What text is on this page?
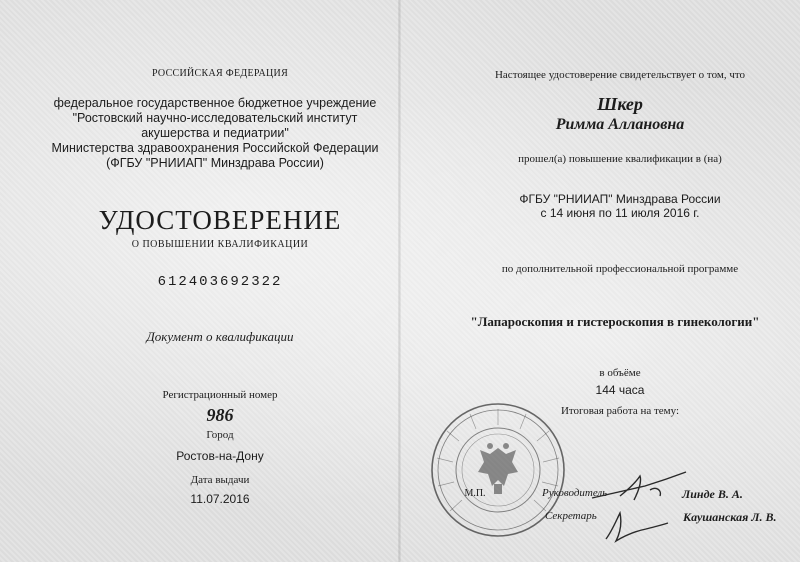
РОССИЙСКАЯ ФЕДЕРАЦИЯ
федеральное государственное бюджетное учреждение
"Ростовский научно-исследовательский институт
акушерства и педиатрии"
Министерства здравоохранения Российской Федерации
(ФГБУ "РНИИАП" Минздрава России)
УДОСТОВЕРЕНИЕ
О ПОВЫШЕНИИ КВАЛИФИКАЦИИ
612403692322
Документ о квалификации
Регистрационный номер
986
Город
Ростов-на-Дону
Дата выдачи
11.07.2016
Настоящее удостоверение свидетельствует о том, что
Шкер
Римма Аллановна
прошел(а) повышение квалификации в (на)
ФГБУ "РНИИАП" Минздрава России
с 14 июня по 11 июля 2016 г.
по дополнительной профессиональной программе
"Лапароскопия и гистероскопия в гинекологии"
в объёме
144 часа
Итоговая работа на тему:
М.П.	Руководитель
Секретарь
Линде В. А.
Каушанская Л. В.
